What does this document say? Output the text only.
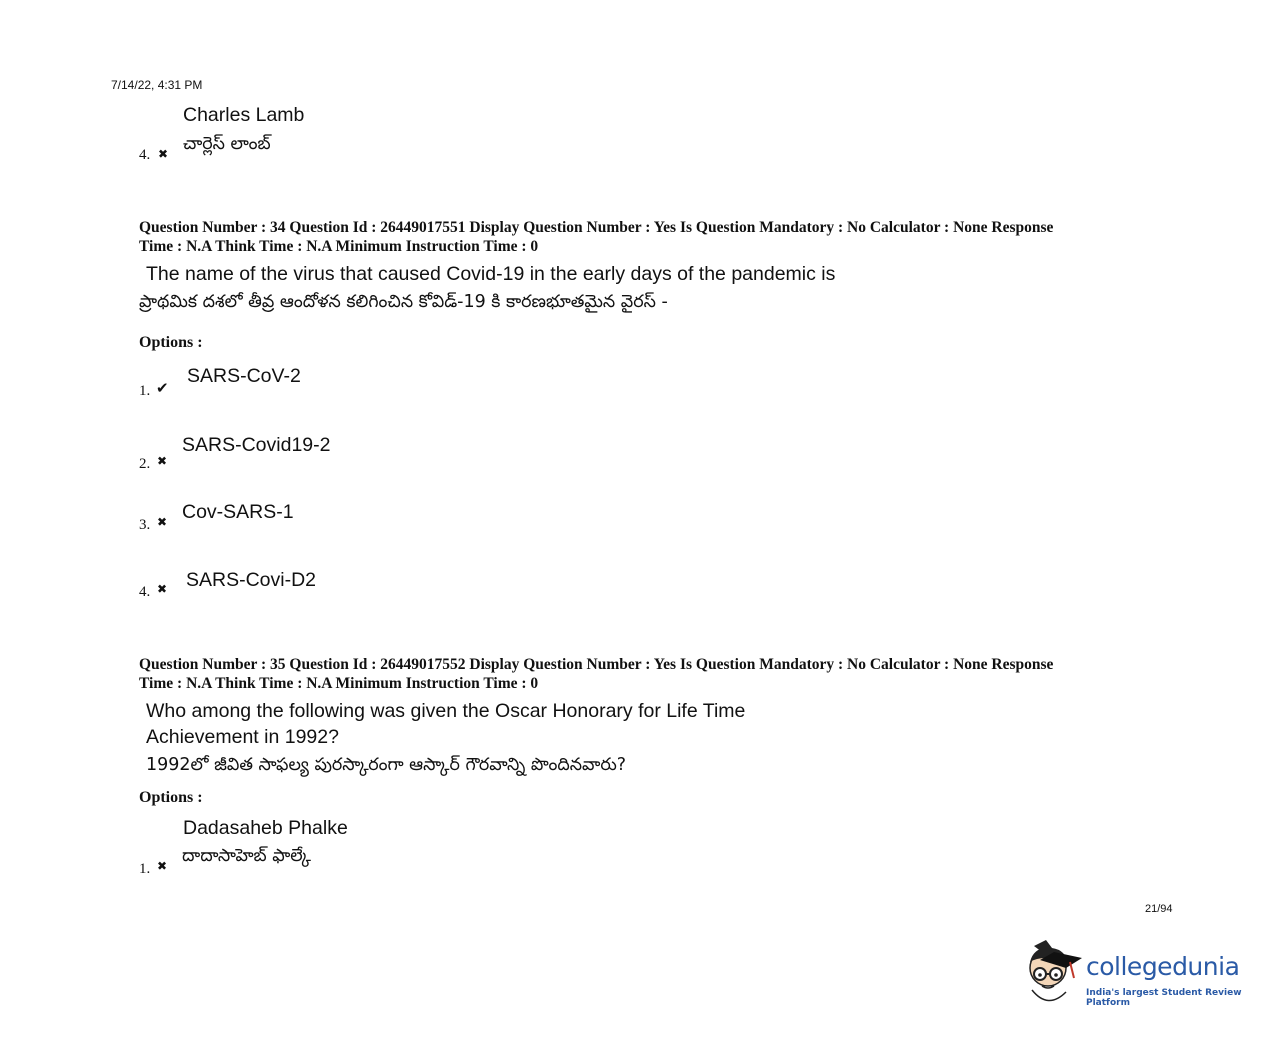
7/14/22, 4:31 PM
Charles Lamb
చార్లెస్ లాంబ్
4. ✖
Question Number : 34 Question Id : 26449017551 Display Question Number : Yes Is Question Mandatory : No Calculator : None Response
Time : N.A Think Time : N.A Minimum Instruction Time : 0
The name of the virus that caused Covid-19 in the early days of the pandemic is
ప్రాథమిక దశలో తీవ్ర ఆందోళన కలిగించిన కోవిడ్-19 కి కారణభూతమైన వైరస్ -
Options :
SARS-CoV-2
1. ✔
SARS-Covid19-2
2. ✖
Cov-SARS-1
3. ✖
SARS-Covi-D2
4. ✖
Question Number : 35 Question Id : 26449017552 Display Question Number : Yes Is Question Mandatory : No Calculator : None Response
Time : N.A Think Time : N.A Minimum Instruction Time : 0
Who among the following was given the Oscar Honorary for Life Time
Achievement in 1992?
1992లో జీవిత సాఫల్య పురస్కారంగా ఆస్కార్ గౌరవాన్ని పొందినవారు?
Options :
Dadasaheb Phalke
దాదాసాహెబ్ ఫాల్కే
1. ✖
21/94
collegedunia
India's largest Student Review Platform
